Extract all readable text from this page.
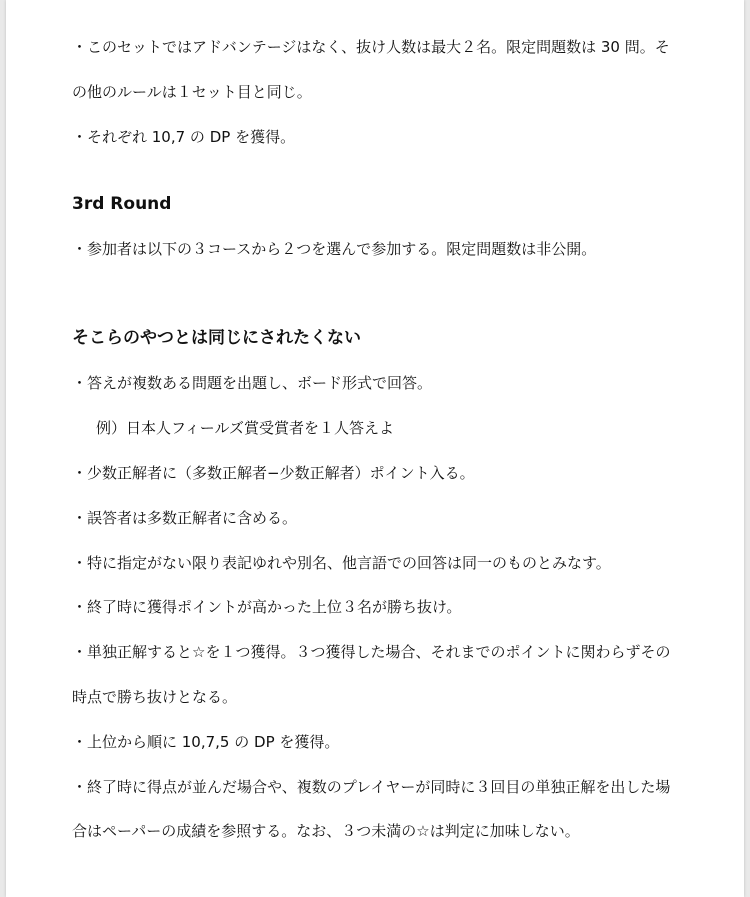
・このセットではアドバンテージはなく、抜け人数は最大２名。限定問題数は 30 問。そ
の他のルールは１セット目と同じ。
・それぞれ 10,7 の DP を獲得。
3rd Round
・参加者は以下の３コースから２つを選んで参加する。限定問題数は非公開。
そこらのやつとは同じにされたくない
・答えが複数ある問題を出題し、ボード形式で回答。
例）日本人フィールズ賞受賞者を１人答えよ
・少数正解者に（多数正解者−少数正解者）ポイント入る。
・誤答者は多数正解者に含める。
・特に指定がない限り表記ゆれや別名、他言語での回答は同一のものとみなす。
・終了時に獲得ポイントが高かった上位３名が勝ち抜け。
・単独正解すると☆を１つ獲得。３つ獲得した場合、それまでのポイントに関わらずその
時点で勝ち抜けとなる。
・上位から順に 10,7,5 の DP を獲得。
・終了時に得点が並んだ場合や、複数のプレイヤーが同時に３回目の単独正解を出した場
合はペーパーの成績を参照する。なお、３つ未満の☆は判定に加味しない。
